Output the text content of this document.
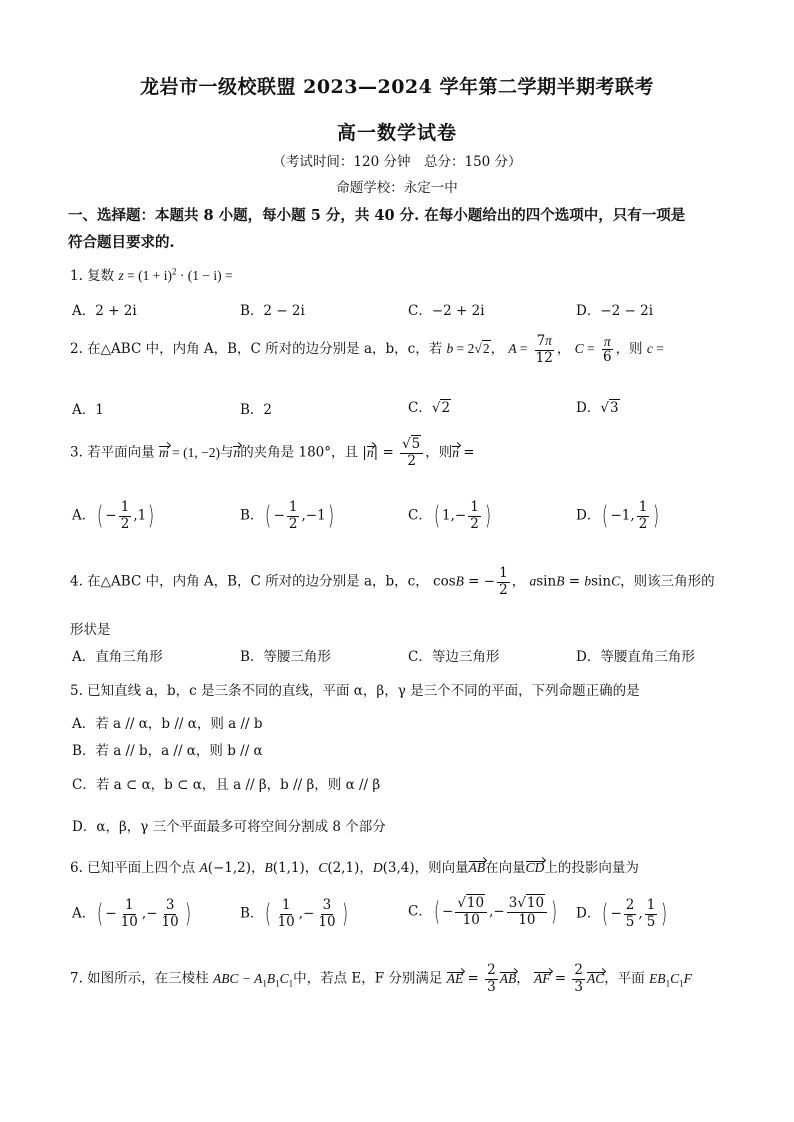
龙岩市一级校联盟 2023—2024 学年第二学期半期考联考
高一数学试卷
（考试时间：120 分钟　总分：150 分）
命题学校：永定一中
一、选择题：本题共 8 小题，每小题 5 分，共 40 分. 在每小题给出的四个选项中，只有一项是
符合题目要求的.
1. 复数 $z = (1 + i)^2 \cdot (1 - i)$ =
A．2 + 2i	B．2 − 2i	C．−2 + 2i	D．−2 − 2i
2. 在△ABC 中，内角 A，B，C 所对的边分别是 a，b，c，若 b = 2√2， $A = \frac{7\pi}{12}$ ， $C = \frac{\pi}{6}$ ，则 c =
A．1	B．2	C．√2	D．√3
3. 若平面向量 m = (1, −2)与n的夹角是 180°，且 $|n| = \frac{√5}{2}$ ，则n =
A．( − $\frac{1}{2} ,1$)	B．( − $\frac{1}{2} ,-1$)	C．( $1,- \frac{1}{2}$ )	D．( −1, $\frac{1}{2}$ )
4. 在△ABC 中，内角 A，B，C 所对的边分别是 a，b，c， cosB = − $\frac{1}{2}$ ， asinB = bsinC，则该三角形的
形状是
A．直角三角形	B．等腰三角形	C．等边三角形	D．等腰直角三角形
5. 已知直线 a，b，c 是三条不同的直线，平面 α，β，γ 是三个不同的平面，下列命题正确的是
A．若 a // α，b // α，则 a // b
B．若 a // b，a // α，则 b // α
C．若 a ⊂ α，b ⊂ α，且 a // β，b // β，则 α // β
D．α，β，γ 三个平面最多可将空间分割成 8 个部分
6. 已知平面上四个点 A(−1,2)，B(1,1)，C(2,1)，D(3,4)，则向量AB在向量CD上的投影向量为
A．( − $\frac{1}{10}$ ,− $\frac{3}{10}$ )	B．( $\frac{1}{10}$ ,− $\frac{3}{10}$ )	C．( − $\frac{√10}{10}$ ,− $\frac{3√10}{10}$ ) D．( − $\frac{2}{5}$ , $\frac{1}{5}$ )
7. 如图所示，在三棱柱 ABC − $A_1B_1C_1$中，若点 E，F 分别满足 AE = $\frac{2}{3}$ AB， AF = $\frac{2}{3}$ AC，平面 $EB_1C_1F$
